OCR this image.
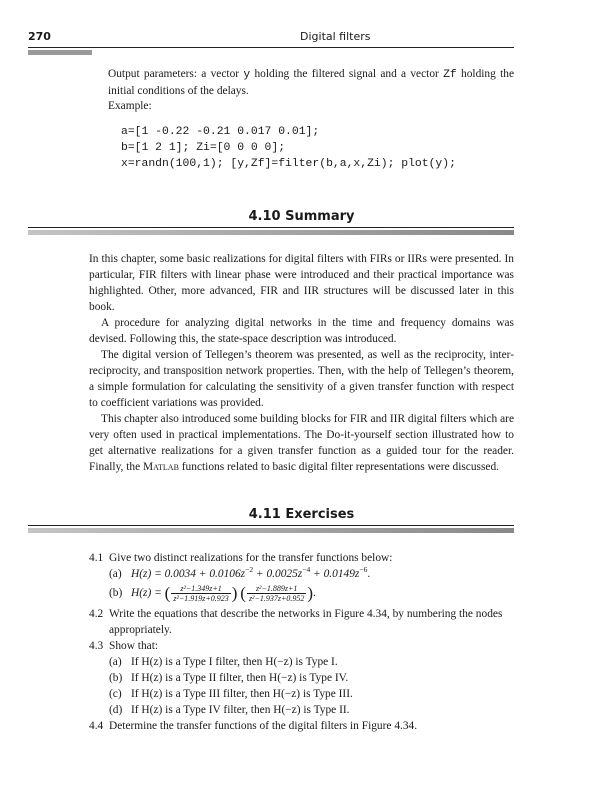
270	Digital filters

Output parameters: a vector y holding the filtered signal and a vector Zf holding the initial conditions of the delays.

Example:

a=[1 -0.22 -0.21 0.017 0.01];
b=[1 2 1]; Zi=[0 0 0 0];
x=randn(100,1); [y,Zf]=filter(b,a,x,Zi); plot(y);
4.10 Summary

In this chapter, some basic realizations for digital filters with FIRs or IIRs were presented. In particular, FIR filters with linear phase were introduced and their practical importance was highlighted. Other, more advanced, FIR and IIR structures will be discussed later in this book.

A procedure for analyzing digital networks in the time and frequency domains was devised. Following this, the state-space description was introduced.

The digital version of Tellegen’s theorem was presented, as well as the reciprocity, inter-reciprocity, and transposition network properties. Then, with the help of Tellegen’s theorem, a simple formulation for calculating the sensitivity of a given transfer function with respect to coefficient variations was provided.

This chapter also introduced some building blocks for FIR and IIR digital filters which are very often used in practical implementations. The Do-it-yourself section illustrated how to get alternative realizations for a given transfer function as a guided tour for the reader. Finally, the Matlab functions related to basic digital filter representations were discussed.

4.11 Exercises

4.1 Give two distinct realizations for the transfer functions below:

(a) $H(z) = 0.0034 + 0.0106z^{-2} + 0.0025z^{-4} + 0.0149z^{-6}$.

(b) H(z) = ( $\frac{\text{z²−1.349z+1}}{\text{z²−1.919z+0.923}}$ ) ( $\frac{\text{z²−1.889z+1}}{\text{z²−1.937z+0.952}}$ ).

4.2 Write the equations that describe the networks in Figure 4.34, by numbering the nodes

appropriately.

4.3 Show that:

(a) If H(z) is a Type I filter, then H(−z) is Type I.

(b) If H(z) is a Type II filter, then H(−z) is Type IV.

(c) If H(z) is a Type III filter, then H(−z) is Type III.

(d) If H(z) is a Type IV filter, then H(−z) is Type II.

4.4 Determine the transfer functions of the digital filters in Figure 4.34.
